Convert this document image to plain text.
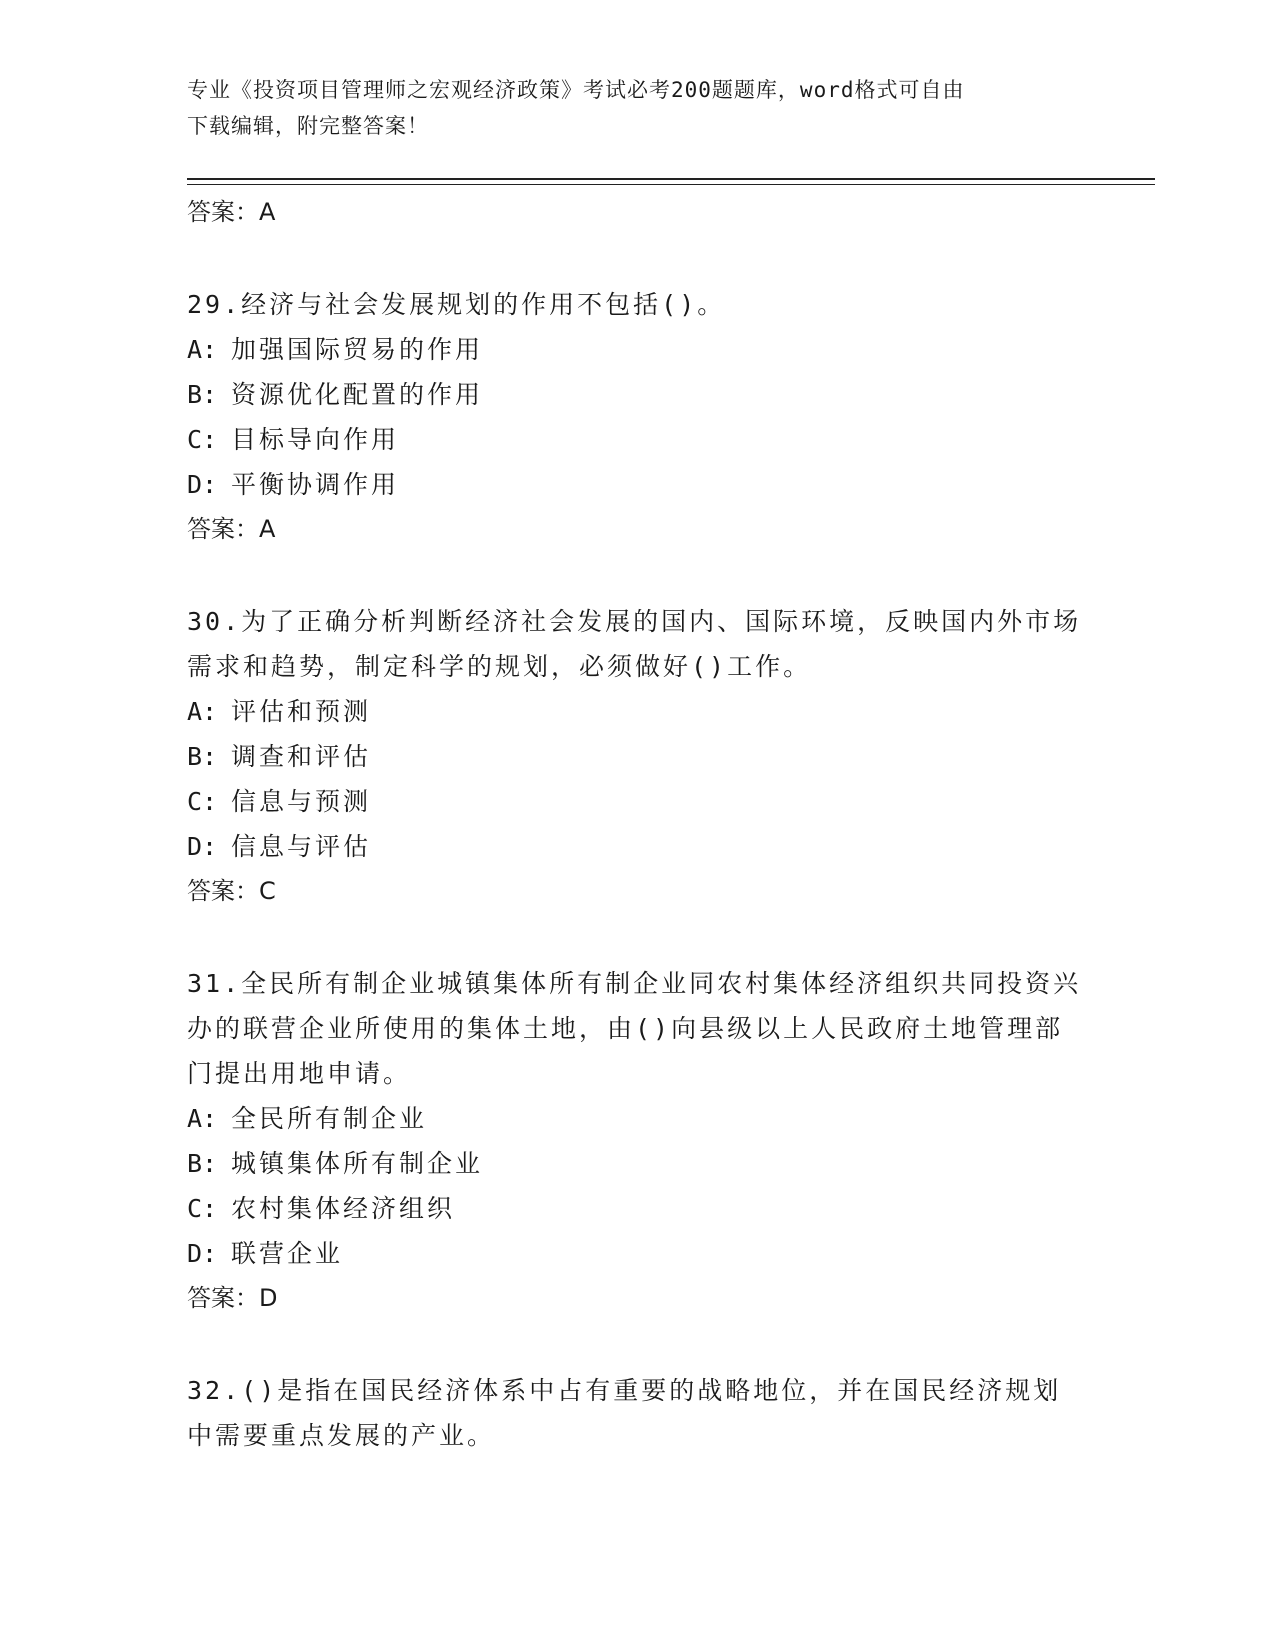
专业《投资项目管理师之宏观经济政策》考试必考200题题库，word格式可自由
下载编辑，附完整答案！
答案：A
29.经济与社会发展规划的作用不包括()。
A: 加强国际贸易的作用
B: 资源优化配置的作用
C: 目标导向作用
D: 平衡协调作用
答案：A
30.为了正确分析判断经济社会发展的国内、国际环境，反映国内外市场需求和趋势，制定科学的规划，必须做好()工作。
A: 评估和预测
B: 调查和评估
C: 信息与预测
D: 信息与评估
答案：C
31.全民所有制企业城镇集体所有制企业同农村集体经济组织共同投资兴办的联营企业所使用的集体土地，由()向县级以上人民政府土地管理部门提出用地申请。
A: 全民所有制企业
B: 城镇集体所有制企业
C: 农村集体经济组织
D: 联营企业
答案：D
32.()是指在国民经济体系中占有重要的战略地位，并在国民经济规划中需要重点发展的产业。
